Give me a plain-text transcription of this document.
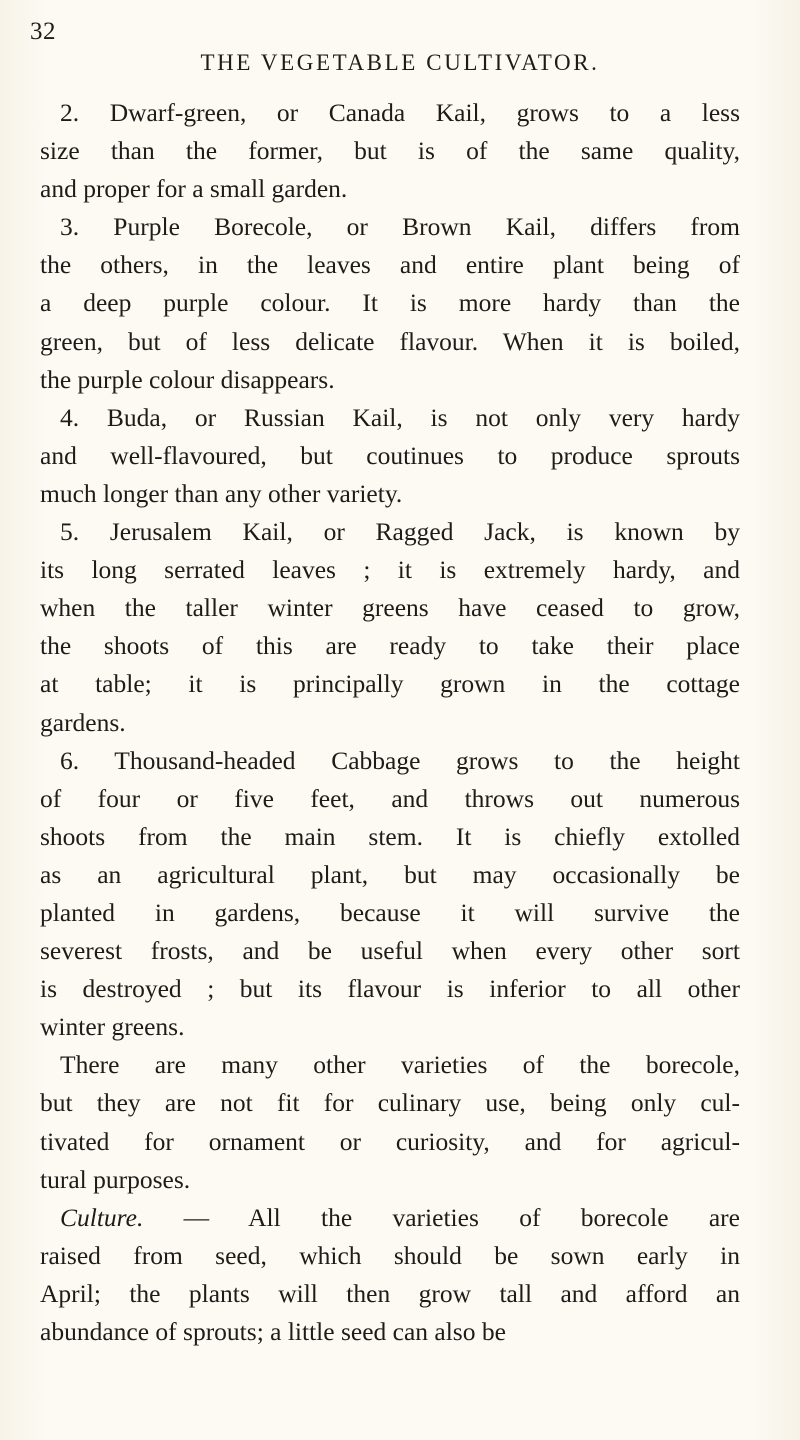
32
THE VEGETABLE CULTIVATOR.
2. Dwarf-green, or Canada Kail, grows to a less
size than the former, but is of the same quality,
and proper for a small garden.
3. Purple Borecole, or Brown Kail, differs from
the others, in the leaves and entire plant being of
a deep purple colour. It is more hardy than the
green, but of less delicate flavour. When it is boiled,
the purple colour disappears.
4. Buda, or Russian Kail, is not only very hardy
and well-flavoured, but coutinues to produce sprouts
much longer than any other variety.
5. Jerusalem Kail, or Ragged Jack, is known by
its long serrated leaves ; it is extremely hardy, and
when the taller winter greens have ceased to grow,
the shoots of this are ready to take their place
at table; it is principally grown in the cottage
gardens.
6. Thousand-headed Cabbage grows to the height
of four or five feet, and throws out numerous
shoots from the main stem. It is chiefly extolled
as an agricultural plant, but may occasionally be
planted in gardens, because it will survive the
severest frosts, and be useful when every other sort
is destroyed ; but its flavour is inferior to all other
winter greens.
There are many other varieties of the borecole,
but they are not fit for culinary use, being only cul-
tivated for ornament or curiosity, and for agricul-
tural purposes.
Culture. — All the varieties of borecole are
raised from seed, which should be sown early in
April; the plants will then grow tall and afford an
abundance of sprouts; a little seed can also be
